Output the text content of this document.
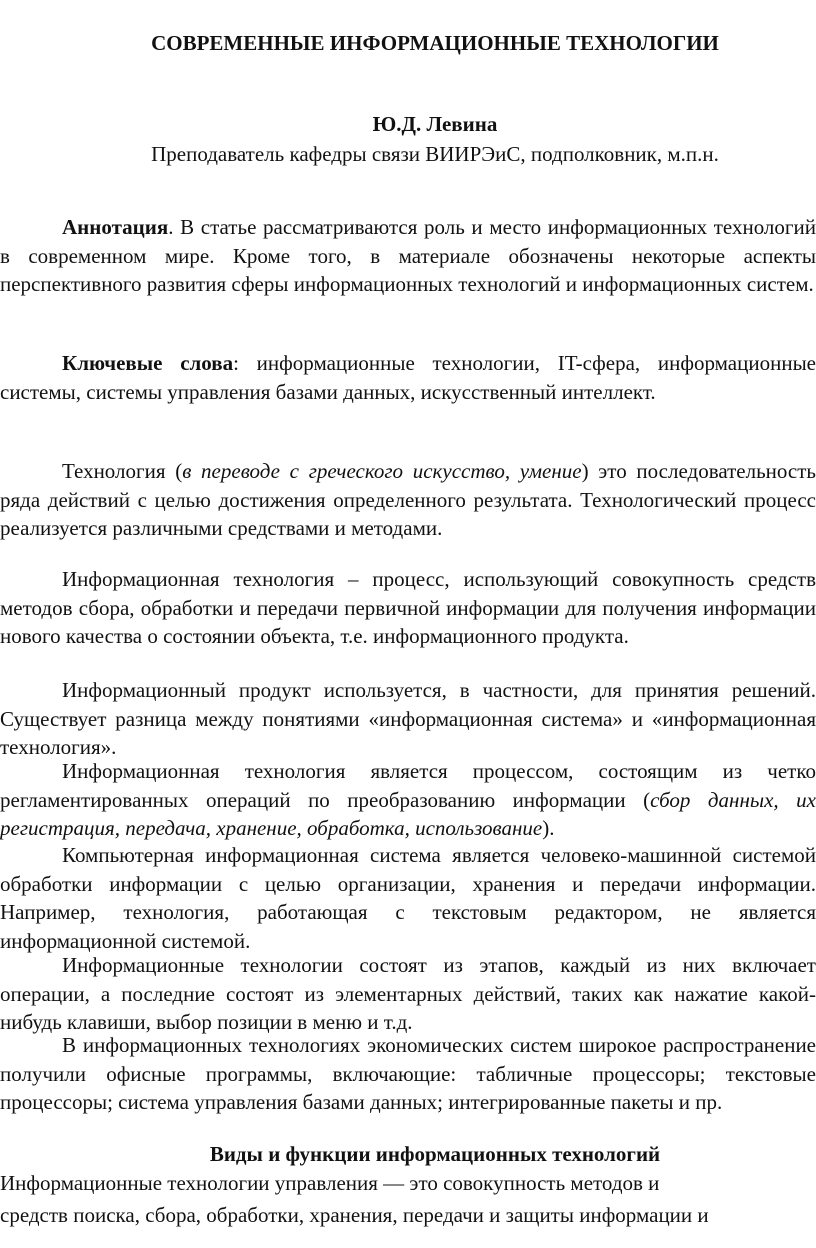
СОВРЕМЕННЫЕ ИНФОРМАЦИОННЫЕ ТЕХНОЛОГИИ
Ю.Д. Левина
Преподаватель кафедры связи ВИИРЭиС, подполковник, м.п.н.

Аннотация. В статье рассматриваются роль и место информационных технологий в современном мире. Кроме того, в материале обозначены некоторые аспекты перспективного развития сферы информационных технологий и информационных систем.

Ключевые слова: информационные технологии, IT-сфера, информационные системы, системы управления базами данных, искусственный интеллект.

Технология (в переводе с греческого искусство, умение) это последовательность ряда действий с целью достижения определенного результата. Технологический процесс реализуется различными средствами и методами.

Информационная технология – процесс, использующий совокупность средств методов сбора, обработки и передачи первичной информации для получения информации нового качества о состоянии объекта, т.е. информационного продукта.

Информационный продукт используется, в частности, для принятия решений. Существует разница между понятиями «информационная система» и «информационная технология».

Информационная технология является процессом, состоящим из четко регламентированных операций по преобразованию информации (сбор данных, их регистрация, передача, хранение, обработка, использование).

Компьютерная информационная система является человеко-машинной системой обработки информации с целью организации, хранения и передачи информации. Например, технология, работающая с текстовым редактором, не является информационной системой.

Информационные технологии состоят из этапов, каждый из них включает операции, а последние состоят из элементарных действий, таких как нажатие какой-нибудь клавиши, выбор позиции в меню и т.д.

В информационных технологиях экономических систем широкое распространение получили офисные программы, включающие: табличные процессоры; текстовые процессоры; система управления базами данных; интегрированные пакеты и пр.

Виды и функции информационных технологий
Информационные технологии управления — это совокупность методов и
средств поиска, сбора, обработки, хранения, передачи и защиты информации и
